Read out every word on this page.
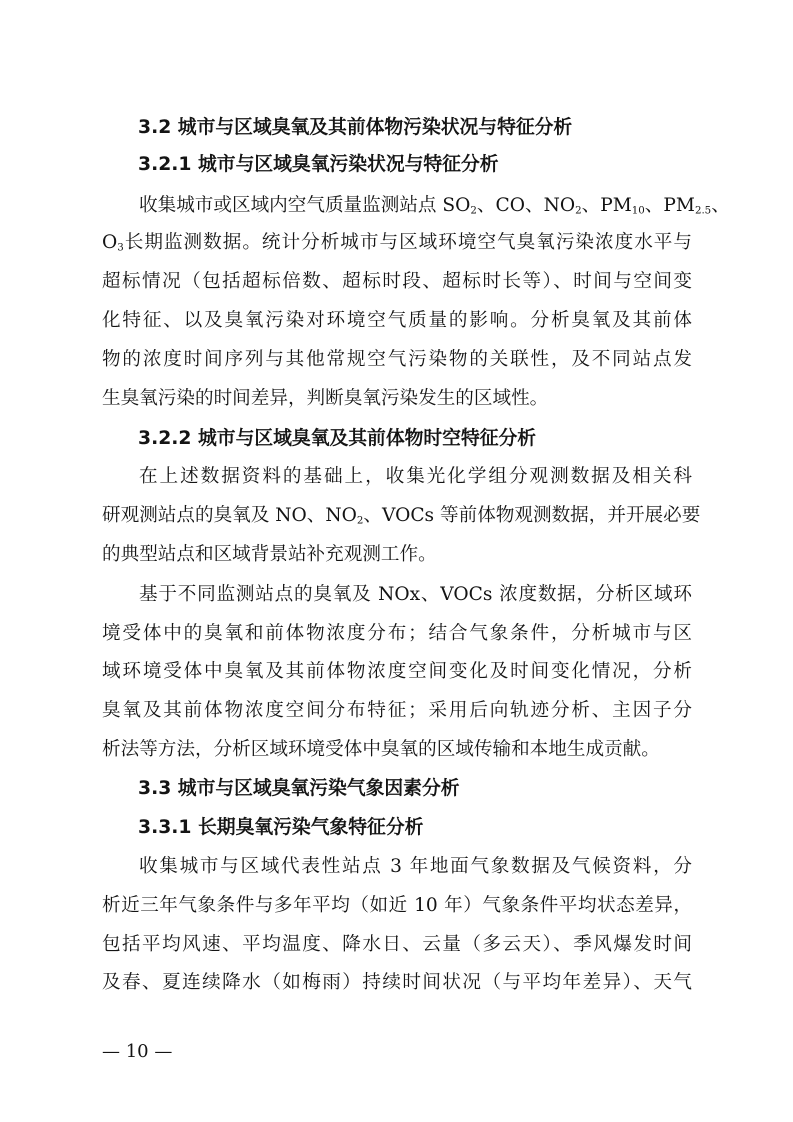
3.2 城市与区域臭氧及其前体物污染状况与特征分析
3.2.1 城市与区域臭氧污染状况与特征分析
收集城市或区域内空气质量监测站点 $SO_2$、CO、$NO_2$、$PM_{10}$、$PM_{2.5}$、
$O_3$长期监测数据。统计分析城市与区域环境空气臭氧污染浓度水平与
超标情况（包括超标倍数、超标时段、超标时长等）、时间与空间变
化特征、以及臭氧污染对环境空气质量的影响。分析臭氧及其前体
物的浓度时间序列与其他常规空气污染物的关联性，及不同站点发
生臭氧污染的时间差异，判断臭氧污染发生的区域性。
3.2.2 城市与区域臭氧及其前体物时空特征分析
在上述数据资料的基础上，收集光化学组分观测数据及相关科
研观测站点的臭氧及 NO、$NO_2$、VOCs 等前体物观测数据，并开展必要
的典型站点和区域背景站补充观测工作。
基于不同监测站点的臭氧及 NOx、VOCs 浓度数据，分析区域环
境受体中的臭氧和前体物浓度分布；结合气象条件，分析城市与区
域环境受体中臭氧及其前体物浓度空间变化及时间变化情况，分析
臭氧及其前体物浓度空间分布特征；采用后向轨迹分析、主因子分
析法等方法，分析区域环境受体中臭氧的区域传输和本地生成贡献。
3.3 城市与区域臭氧污染气象因素分析
3.3.1 长期臭氧污染气象特征分析
收集城市与区域代表性站点 3 年地面气象数据及气候资料，分
析近三年气象条件与多年平均（如近 10 年）气象条件平均状态差异，
包括平均风速、平均温度、降水日、云量（多云天）、季风爆发时间
及春、夏连续降水（如梅雨）持续时间状况（与平均年差异）、天气
— 10 —
